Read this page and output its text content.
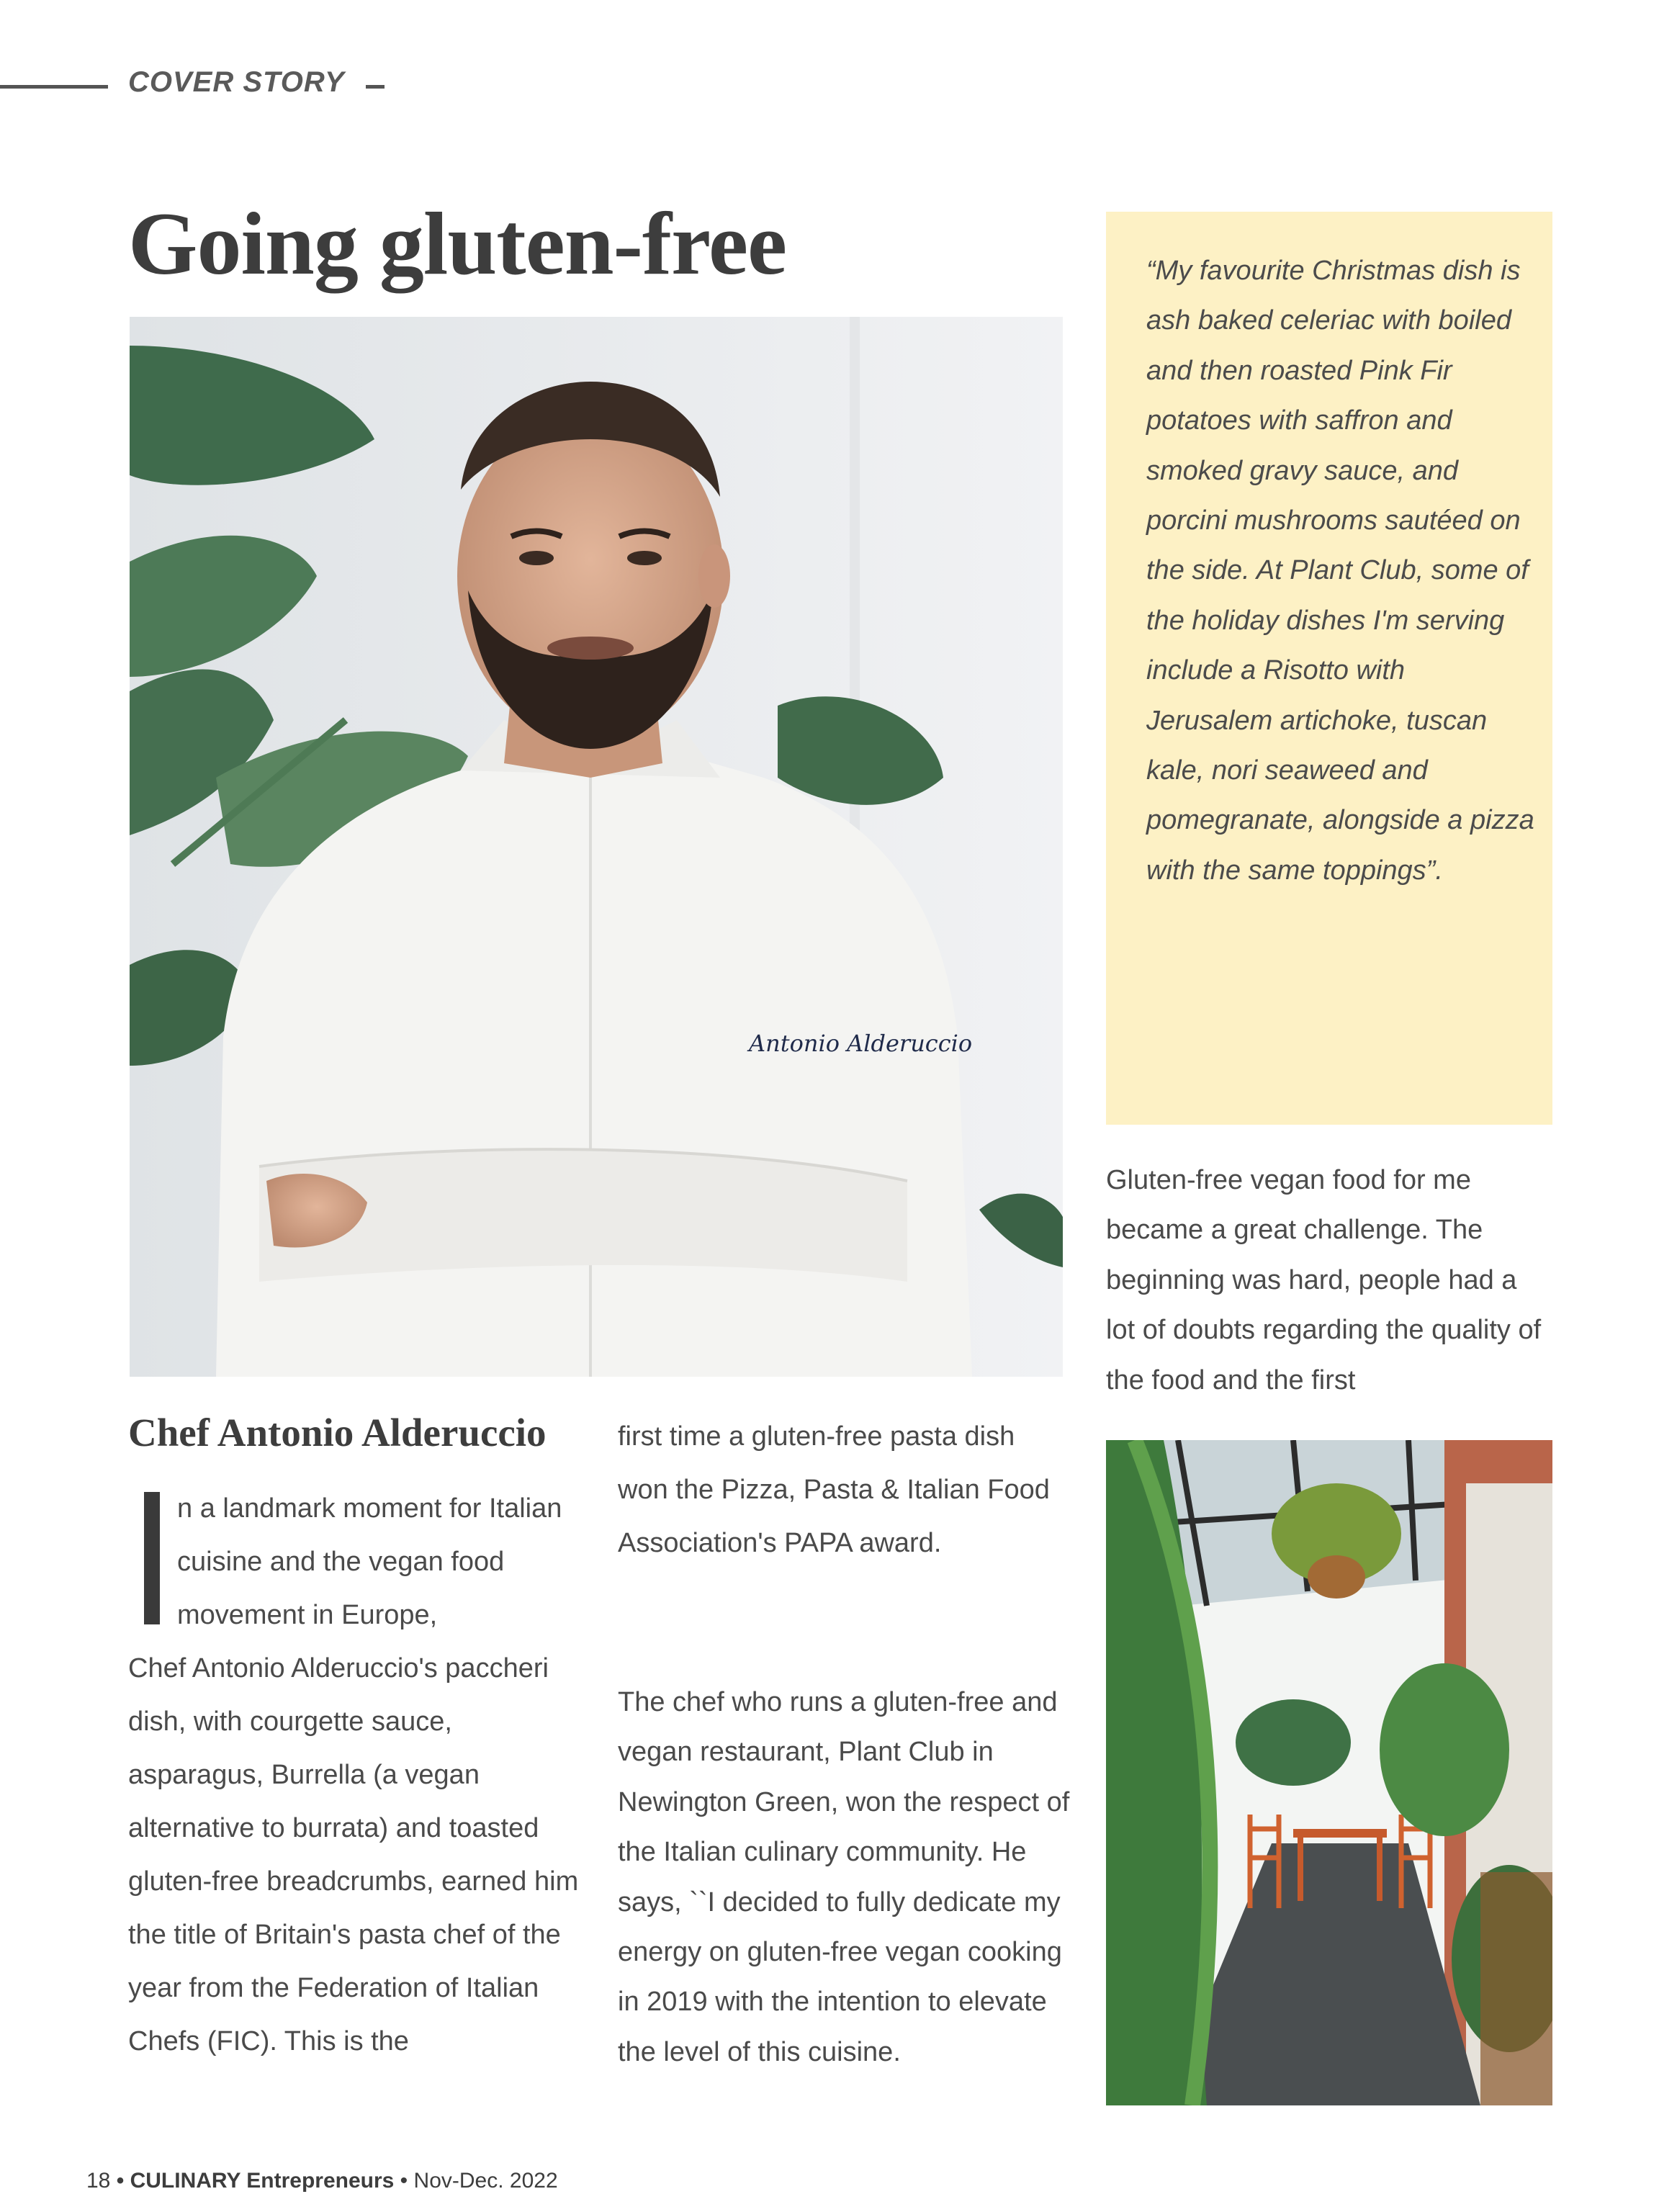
COVER STORY
Going gluten-free
Antonio Alderuccio

“My favourite Christmas dish is ash baked celeriac with boiled and then roasted Pink Fir potatoes with saffron and smoked gravy sauce, and porcini mushrooms sautéed on the side. At Plant Club, some of the holiday dishes I'm serving include a Risotto with Jerusalem artichoke, tuscan kale, nori seaweed and pomegranate, alongside a pizza with the same toppings”.

Gluten-free vegan food for me became a great challenge. The beginning was hard, people had a lot of doubts regarding the quality of the food and the first

Chef Antonio Alderuccio

n a landmark moment for Italian cuisine and the vegan food movement in Europe,

Chef Antonio Alderuccio's paccheri dish, with courgette sauce, asparagus, Burrella (a vegan alternative to burrata) and toasted gluten-free breadcrumbs, earned him the title of Britain's pasta chef of the year from the Federation of Italian Chefs (FIC). This is the

first time a gluten-free pasta dish won the Pizza, Pasta & Italian Food Association's PAPA award.

The chef who runs a gluten-free and vegan restaurant, Plant Club in Newington Green, won the respect of the Italian culinary community. He says, ``I decided to fully dedicate my energy on gluten-free vegan cooking in 2019 with the intention to elevate the level of this cuisine.

18 • CULINARY Entrepreneurs • Nov-Dec. 2022
